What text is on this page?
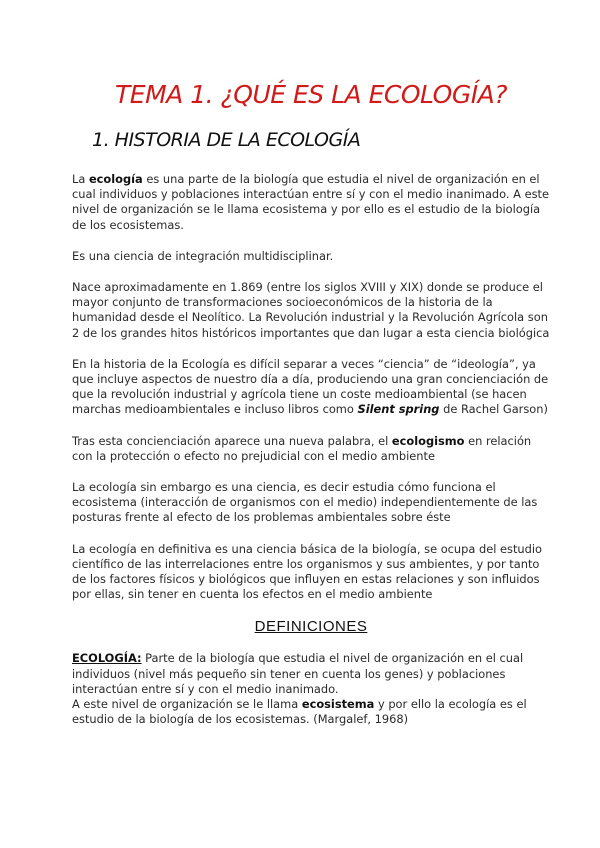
TEMA 1. ¿QUÉ ES LA ECOLOGÍA?
1. HISTORIA DE LA ECOLOGÍA

La ecología es una parte de la biología que estudia el nivel de organización en el cual individuos y poblaciones interactúan entre sí y con el medio inanimado. A este nivel de organización se le llama ecosistema y por ello es el estudio de la biología de los ecosistemas.

Es una ciencia de integración multidisciplinar.

Nace aproximadamente en 1.869 (entre los siglos XVIII y XIX) donde se produce el mayor conjunto de transformaciones socioeconómicos de la historia de la humanidad desde el Neolítico. La Revolución industrial y la Revolución Agrícola son 2 de los grandes hitos históricos importantes que dan lugar a esta ciencia biológica

En la historia de la Ecología es difícil separar a veces “ciencia” de “ideología”, ya que incluye aspectos de nuestro día a día, produciendo una gran concienciación de que la revolución industrial y agrícola tiene un coste medioambiental (se hacen marchas medioambientales e incluso libros como Silent spring de Rachel Garson)

Tras esta concienciación aparece una nueva palabra, el ecologismo en relación con la protección o efecto no prejudicial con el medio ambiente

La ecología sin embargo es una ciencia, es decir estudia cómo funciona el ecosistema (interacción de organismos con el medio) independientemente de las posturas frente al efecto de los problemas ambientales sobre éste

La ecología en definitiva es una ciencia básica de la biología, se ocupa del estudio científico de las interrelaciones entre los organismos y sus ambientes, y por tanto de los factores físicos y biológicos que influyen en estas relaciones y son influidos por ellas, sin tener en cuenta los efectos en el medio ambiente

DEFINICIONES

ECOLOGÍA: Parte de la biología que estudia el nivel de organización en el cual individuos (nivel más pequeño sin tener en cuenta los genes) y poblaciones interactúan entre sí y con el medio inanimado.
A este nivel de organización se le llama ecosistema y por ello la ecología es el estudio de la biología de los ecosistemas. (Margalef, 1968)
